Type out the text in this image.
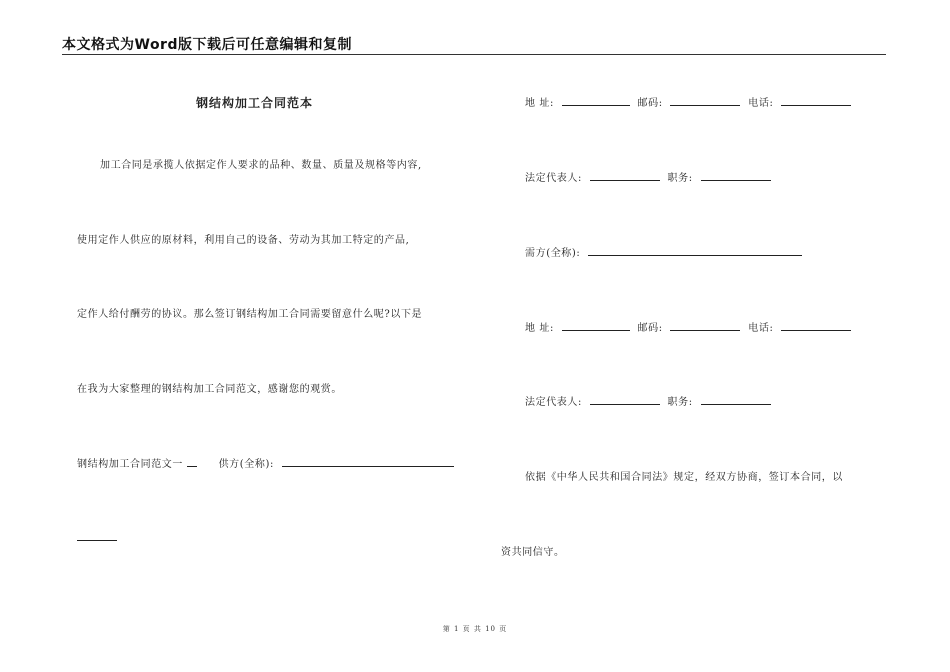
本文格式为Word版下载后可任意编辑和复制
钢结构加工合同范本
加工合同是承揽人依据定作人要求的品种、数量、质量及规格等内容,
使用定作人供应的原材料，利用自己的设备、劳动为其加工特定的产品,
定作人给付酬劳的协议。那么签订钢结构加工合同需要留意什么呢?以下是
在我为大家整理的钢结构加工合同范文，感谢您的观赏。
钢结构加工合同范文一	供方(全称):
地 址:	邮码:	电话:
法定代表人:	职务:
需方(全称):
地 址:	邮码:	电话:
法定代表人:	职务:
依据《中华人民共和国合同法》规定，经双方协商，签订本合同，以
资共同信守。
第 1 页 共 10 页
